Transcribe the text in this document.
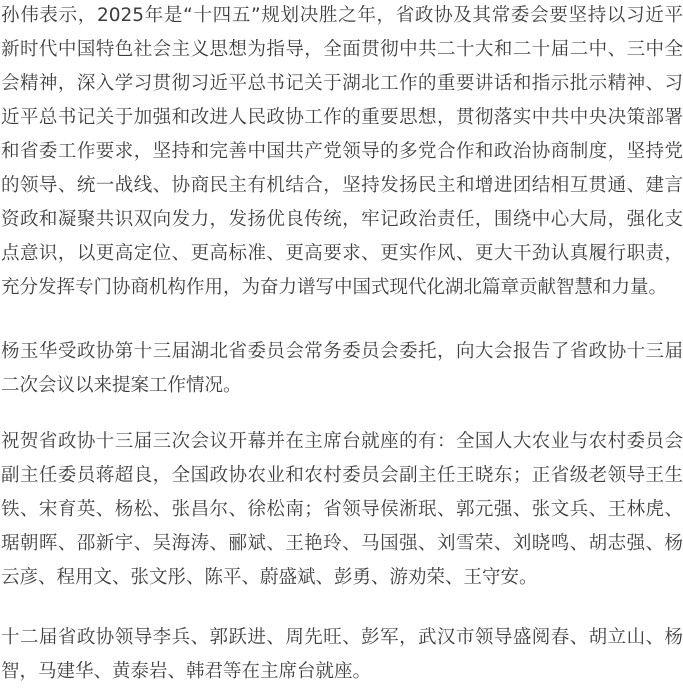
孙伟表示，2025年是“十四五”规划决胜之年，省政协及其常委会要坚持以习近平
新时代中国特色社会主义思想为指导，全面贯彻中共二十大和二十届二中、三中全
会精神，深入学习贯彻习近平总书记关于湖北工作的重要讲话和指示批示精神、习
近平总书记关于加强和改进人民政协工作的重要思想，贯彻落实中共中央决策部署
和省委工作要求，坚持和完善中国共产党领导的多党合作和政治协商制度，坚持党
的领导、统一战线、协商民主有机结合，坚持发扬民主和增进团结相互贯通、建言
资政和凝聚共识双向发力，发扬优良传统，牢记政治责任，围绕中心大局，强化支
点意识，以更高定位、更高标准、更高要求、更实作风、更大干劲认真履行职责，
充分发挥专门协商机构作用，为奋力谱写中国式现代化湖北篇章贡献智慧和力量。
杨玉华受政协第十三届湖北省委员会常务委员会委托，向大会报告了省政协十三届
二次会议以来提案工作情况。
祝贺省政协十三届三次会议开幕并在主席台就座的有：全国人大农业与农村委员会
副主任委员蒋超良，全国政协农业和农村委员会副主任王晓东；正省级老领导王生
铁、宋育英、杨松、张昌尔、徐松南；省领导侯淅珉、郭元强、张文兵、王林虎、
琚朝晖、邵新宇、吴海涛、郦斌、王艳玲、马国强、刘雪荣、刘晓鸣、胡志强、杨
云彦、程用文、张文彤、陈平、蔚盛斌、彭勇、游劝荣、王守安。
十二届省政协领导李兵、郭跃进、周先旺、彭军，武汉市领导盛阅春、胡立山、杨
智，马建华、黄泰岩、韩君等在主席台就座。
